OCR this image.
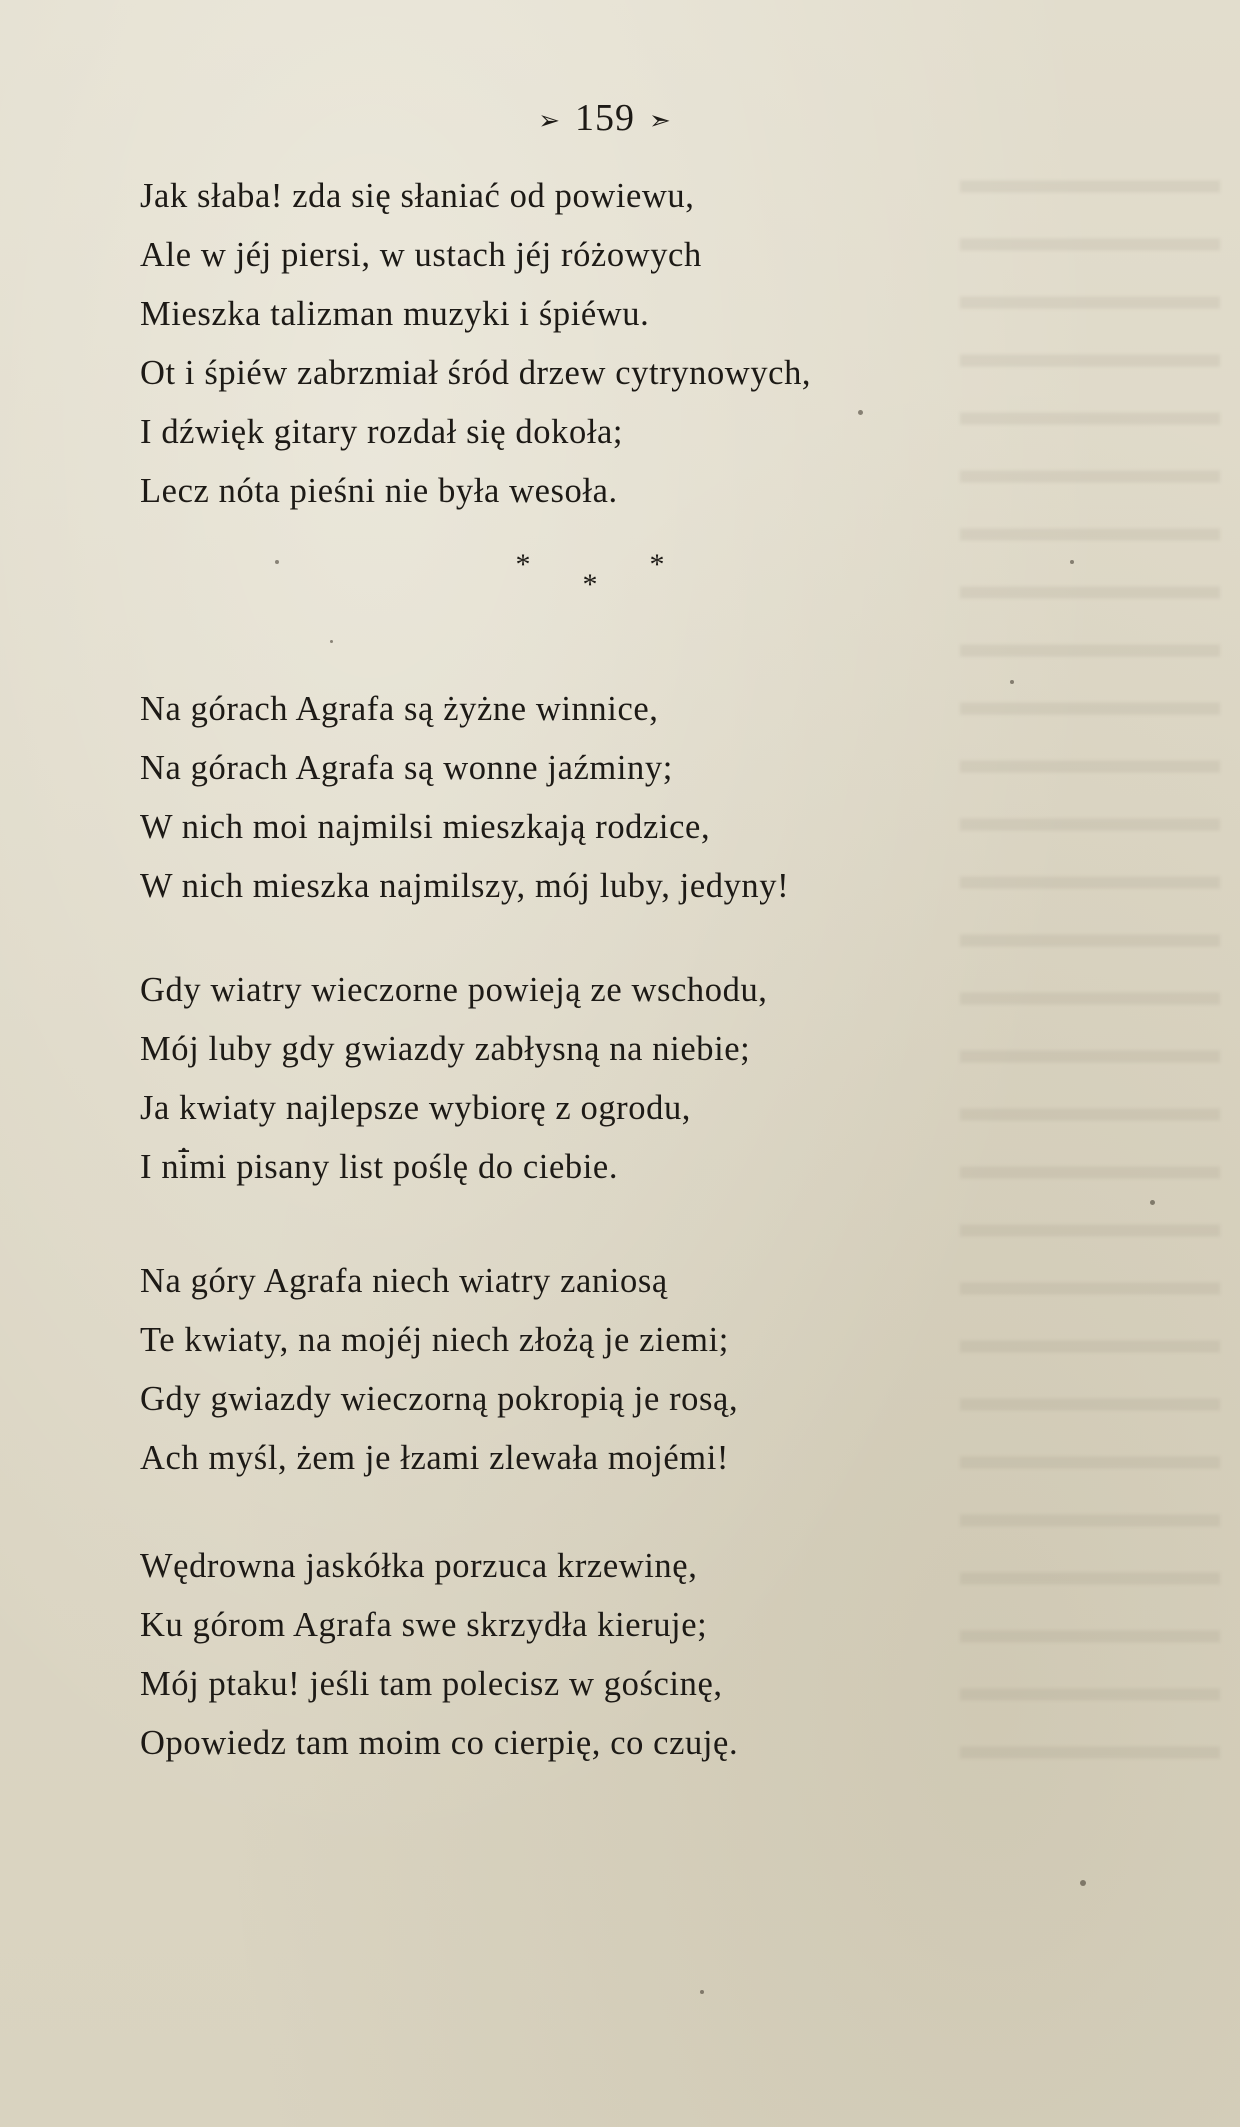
➢ 159 ➣
Jak słaba! zda się słaniać od powiewu,
Ale w jéj piersi, w ustach jéj różowych
Mieszka talizman muzyki i śpiéwu.
Ot i śpiéw zabrzmiał śród drzew cytrynowych,
I dźwięk gitary rozdał się dokoła;
Lecz nóta pieśni nie była wesoła.
***
Na górach Agrafa są żyżne winnice,
Na górach Agrafa są wonne jaźminy;
W nich moi najmilsi mieszkają rodzice,
W nich mieszka najmilszy, mój luby, jedyny!
Gdy wiatry wieczorne powieją ze wschodu,
Mój luby gdy gwiazdy zabłysną na niebie;
Ja kwiaty najlepsze wybiorę z ogrodu,
I ni̇̄mi pisany list poślę do ciebie.
Na góry Agrafa niech wiatry zaniosą
Te kwiaty, na mojéj niech złożą je ziemi;
Gdy gwiazdy wieczorną pokropią je rosą,
Ach myśl, żem je łzami zlewała mojémi!
Wędrowna jaskółka porzuca krzewinę,
Ku górom Agrafa swe skrzydła kieruje;
Mój ptaku! jeśli tam polecisz w gościnę,
Opowiedz tam moim co cierpię, co czuję.
